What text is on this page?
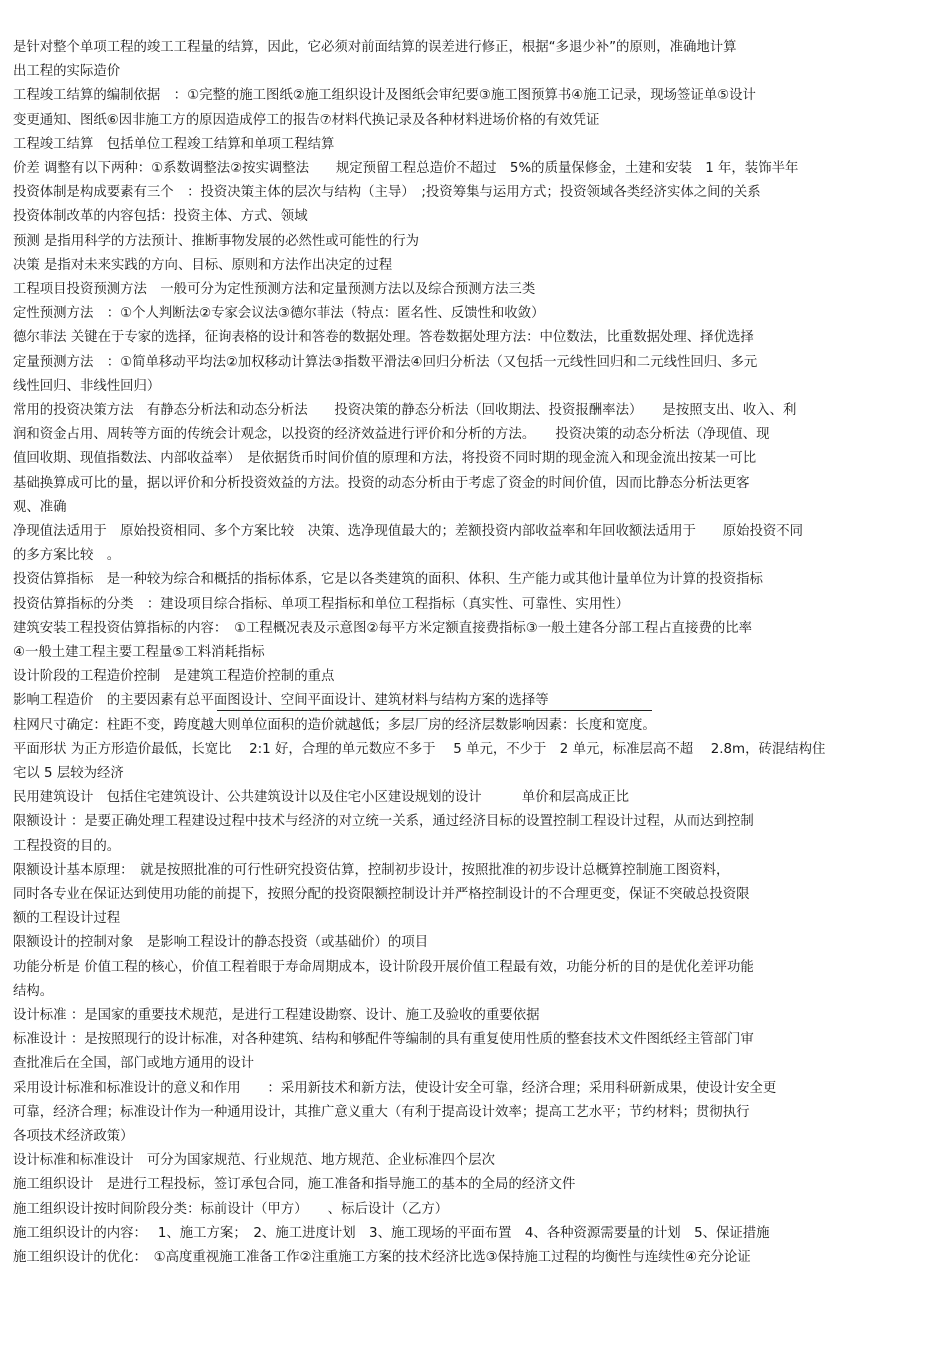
是针对整个单项工程的竣工工程量的结算，因此，它必须对前面结算的误差进行修正，根据“多退少补”的原则，准确地计算
出工程的实际造价
工程竣工结算的编制依据　：①完整的施工图纸②施工组织设计及图纸会审纪要③施工图预算书④施工记录，现场签证单⑤设计
变更通知、图纸⑥因非施工方的原因造成停工的报告⑦材料代换记录及各种材料进场价格的有效凭证
工程竣工结算　包括单位工程竣工结算和单项工程结算
价差 调整有以下两种：①系数调整法②按实调整法　　规定预留工程总造价不超过　5%的质量保修金，土建和安装　1 年，装饰半年
投资体制是构成要素有三个　：投资决策主体的层次与结构（主导）　;投资筹集与运用方式；投资领域各类经济实体之间的关系
投资体制改革的内容包括：投资主体、方式、领域
预测 是指用科学的方法预计、推断事物发展的必然性或可能性的行为
决策 是指对未来实践的方向、目标、原则和方法作出决定的过程
工程项目投资预测方法　一般可分为定性预测方法和定量预测方法以及综合预测方法三类
定性预测方法　：①个人判断法②专家会议法③德尔菲法（特点：匿名性、反馈性和收敛）
德尔菲法 关键在于专家的选择，征询表格的设计和答卷的数据处理。答卷数据处理方法：中位数法，比重数据处理、择优选择
定量预测方法　：①简单移动平均法②加权移动计算法③指数平滑法④回归分析法（又包括一元线性回归和二元线性回归、多元
线性回归、非线性回归）
常用的投资决策方法　有静态分析法和动态分析法　　投资决策的静态分析法（回收期法、投资报酬率法）　　是按照支出、收入、利
润和资金占用、周转等方面的传统会计观念，以投资的经济效益进行评价和分析的方法。　　投资决策的动态分析法（净现值、现
值回收期、现值指数法、内部收益率）　是依据货币时间价值的原理和方法，将投资不同时期的现金流入和现金流出按某一可比
基础换算成可比的量，据以评价和分析投资效益的方法。投资的动态分析由于考虑了资金的时间价值，因而比静态分析法更客
观、准确
净现值法适用于　原始投资相同、多个方案比较　决策、选净现值最大的；差额投资内部收益率和年回收额法适用于　　原始投资不同
的多方案比较　。
投资估算指标　是一种较为综合和概括的指标体系，它是以各类建筑的面积、体积、生产能力或其他计量单位为计算的投资指标
投资估算指标的分类　：建设项目综合指标、单项工程指标和单位工程指标（真实性、可靠性、实用性）
建筑安装工程投资估算指标的内容：　①工程概况表及示意图②每平方米定额直接费指标③一般土建各分部工程占直接费的比率
④一般土建工程主要工程量⑤工料消耗指标
设计阶段的工程造价控制　是建筑工程造价控制的重点
影响工程造价　的主要因素有总平面图设计、空间平面设计、建筑材料与结构方案的选择等
柱网尺寸确定：柱距不变，跨度越大则单位面积的造价就越低；多层厂房的经济层数影响因素：长度和宽度。
平面形状 为正方形造价最低，长宽比　 2:1 好，合理的单元数应不多于　 5 单元，不少于　2 单元，标准层高不超　 2.8m，砖混结构住
宅以 5 层较为经济
民用建筑设计　包括住宅建筑设计、公共建筑设计以及住宅小区建设规划的设计　　　单价和层高成正比
限额设计 ：是要正确处理工程建设过程中技术与经济的对立统一关系，通过经济目标的设置控制工程设计过程，从而达到控制
工程投资的目的。
限额设计基本原理：　就是按照批准的可行性研究投资估算，控制初步设计，按照批准的初步设计总概算控制施工图资料，
同时各专业在保证达到使用功能的前提下，按照分配的投资限额控制设计并严格控制设计的不合理更变，保证不突破总投资限
额的工程设计过程
限额设计的控制对象　是影响工程设计的静态投资（或基础价）的项目
功能分析是 价值工程的核心，价值工程着眼于寿命周期成本，设计阶段开展价值工程最有效，功能分析的目的是优化差评功能
结构。
设计标准 ：是国家的重要技术规范，是进行工程建设勘察、设计、施工及验收的重要依据
标准设计 ：是按照现行的设计标准，对各种建筑、结构和够配件等编制的具有重复使用性质的整套技术文件图纸经主管部门审
查批准后在全国，部门或地方通用的设计
采用设计标准和标准设计的意义和作用　　：采用新技术和新方法，使设计安全可靠，经济合理；采用科研新成果，使设计安全更
可靠，经济合理；标准设计作为一种通用设计，其推广意义重大（有利于提高设计效率；提高工艺水平；节约材料；贯彻执行
各项技术经济政策）
设计标准和标准设计　可分为国家规范、行业规范、地方规范、企业标准四个层次
施工组织设计　是进行工程投标，签订承包合同，施工准备和指导施工的基本的全局的经济文件
施工组织设计按时间阶段分类：标前设计（甲方）　　、标后设计（乙方）
施工组织设计的内容：　 1、施工方案；　2、施工进度计划　3、施工现场的平面布置　4、各种资源需要量的计划　5、保证措施
施工组织设计的优化：　①高度重视施工准备工作②注重施工方案的技术经济比选③保持施工过程的均衡性与连续性④充分论证
